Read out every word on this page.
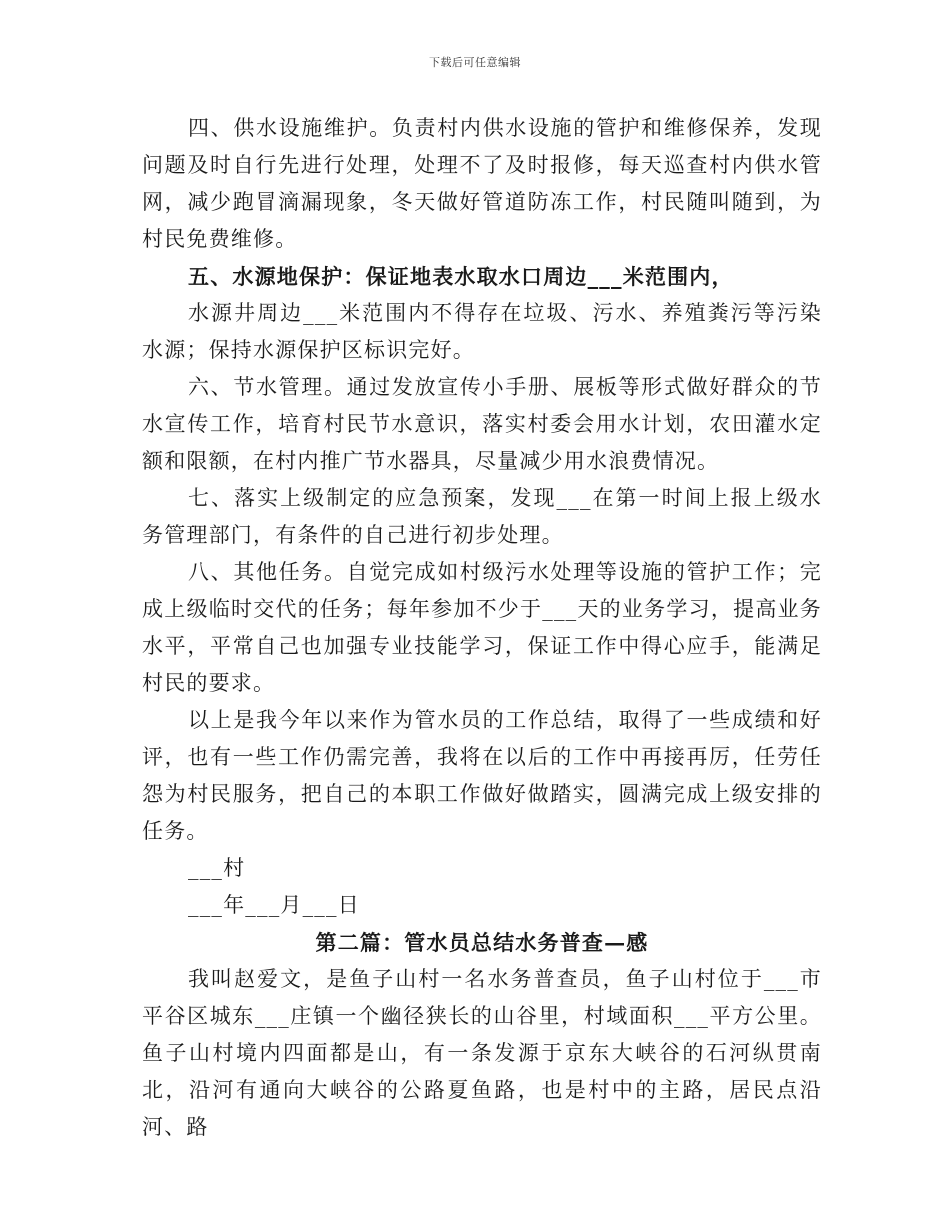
下载后可任意编辑

四、供水设施维护。负责村内供水设施的管护和维修保养，发现问题及时自行先进行处理，处理不了及时报修，每天巡查村内供水管网，减少跑冒滴漏现象，冬天做好管道防冻工作，村民随叫随到，为村民免费维修。

五、水源地保护：保证地表水取水口周边___米范围内，

水源井周边___米范围内不得存在垃圾、污水、养殖粪污等污染水源；保持水源保护区标识完好。

六、节水管理。通过发放宣传小手册、展板等形式做好群众的节水宣传工作，培育村民节水意识，落实村委会用水计划，农田灌水定额和限额，在村内推广节水器具，尽量减少用水浪费情况。

七、落实上级制定的应急预案，发现___在第一时间上报上级水务管理部门，有条件的自己进行初步处理。

八、其他任务。自觉完成如村级污水处理等设施的管护工作；完成上级临时交代的任务；每年参加不少于___天的业务学习，提高业务水平，平常自己也加强专业技能学习，保证工作中得心应手，能满足村民的要求。

以上是我今年以来作为管水员的工作总结，取得了一些成绩和好评，也有一些工作仍需完善，我将在以后的工作中再接再厉，任劳任怨为村民服务，把自己的本职工作做好做踏实，圆满完成上级安排的任务。

___村

___年___月___日

第二篇：管水员总结水务普查—感

我叫赵爱文，是鱼子山村一名水务普查员，鱼子山村位于___市平谷区城东___庄镇一个幽径狭长的山谷里，村域面积___平方公里。鱼子山村境内四面都是山，有一条发源于京东大峡谷的石河纵贯南北，沿河有通向大峡谷的公路夏鱼路，也是村中的主路，居民点沿河、路
